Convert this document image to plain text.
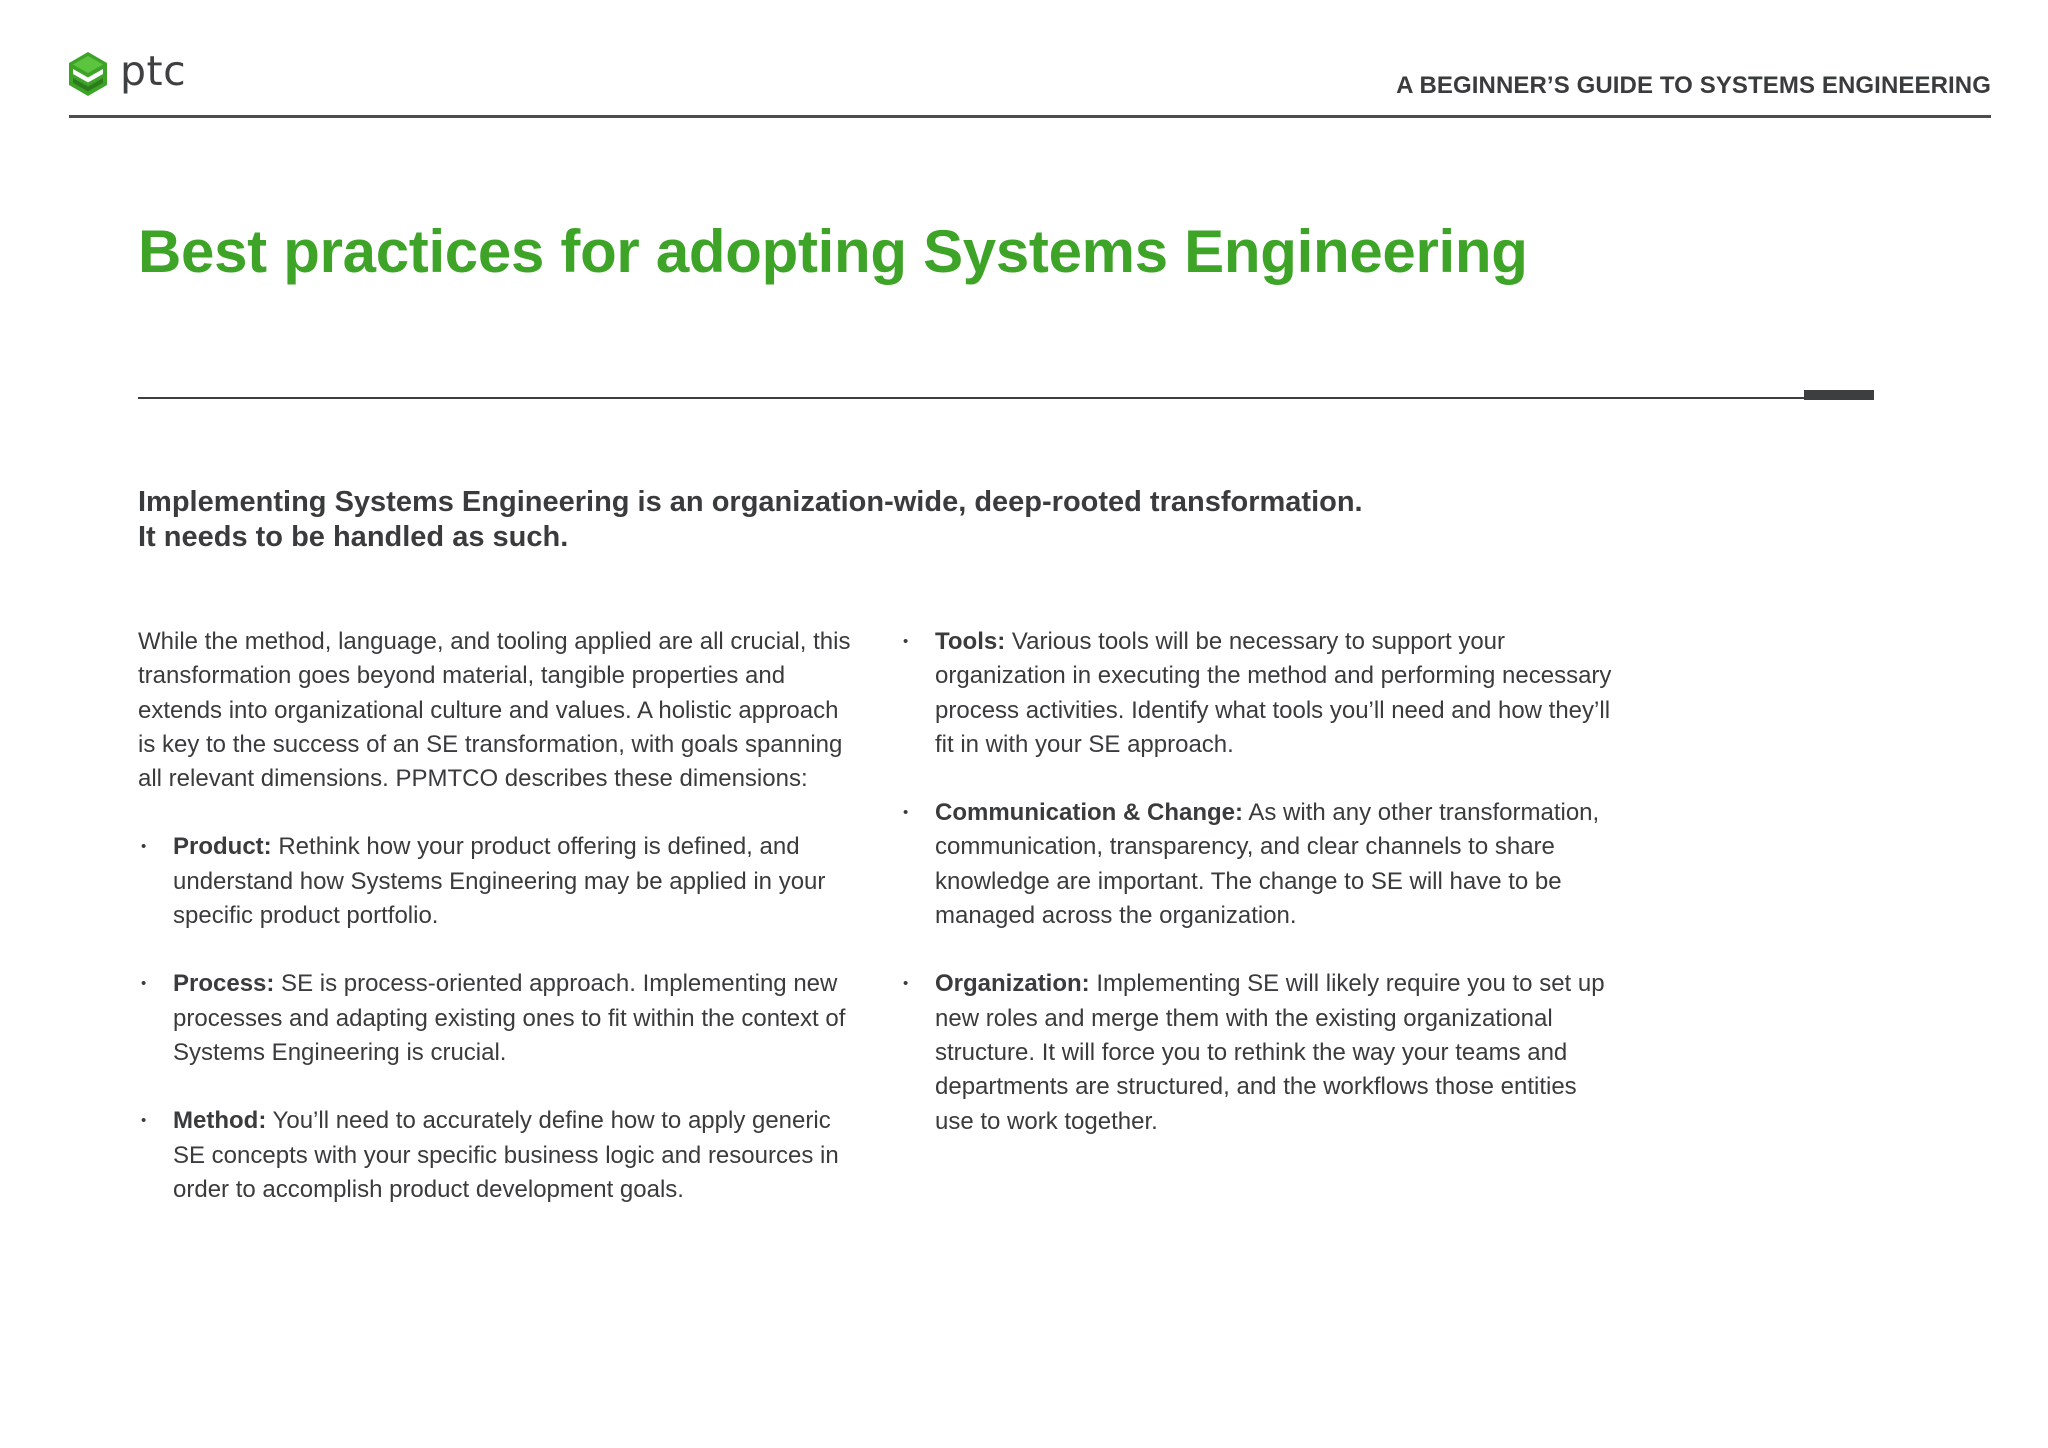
ptc	A BEGINNER’S GUIDE TO SYSTEMS ENGINEERING
Best practices for adopting Systems Engineering

Implementing Systems Engineering is an organization-wide, deep-rooted transformation.
It needs to be handled as such.

While the method, language, and tooling applied are all crucial, this transformation goes beyond material, tangible properties and extends into organizational culture and values. A holistic approach is key to the success of an SE transformation, with goals spanning all relevant dimensions. PPMTCO describes these dimensions:

• Product: Rethink how your product offering is defined, and understand how Systems Engineering may be applied in your specific product portfolio.
• Process: SE is process-oriented approach. Implementing new processes and adapting existing ones to fit within the context of Systems Engineering is crucial.
• Method: You’ll need to accurately define how to apply generic SE concepts with your specific business logic and resources in order to accomplish product development goals.
• Tools: Various tools will be necessary to support your organization in executing the method and performing necessary process activities. Identify what tools you’ll need and how they’ll fit in with your SE approach.
• Communication & Change: As with any other transformation, communication, transparency, and clear channels to share knowledge are important. The change to SE will have to be managed across the organization.
• Organization: Implementing SE will likely require you to set up new roles and merge them with the existing organizational structure. It will force you to rethink the way your teams and departments are structured, and the workflows those entities use to work together.
